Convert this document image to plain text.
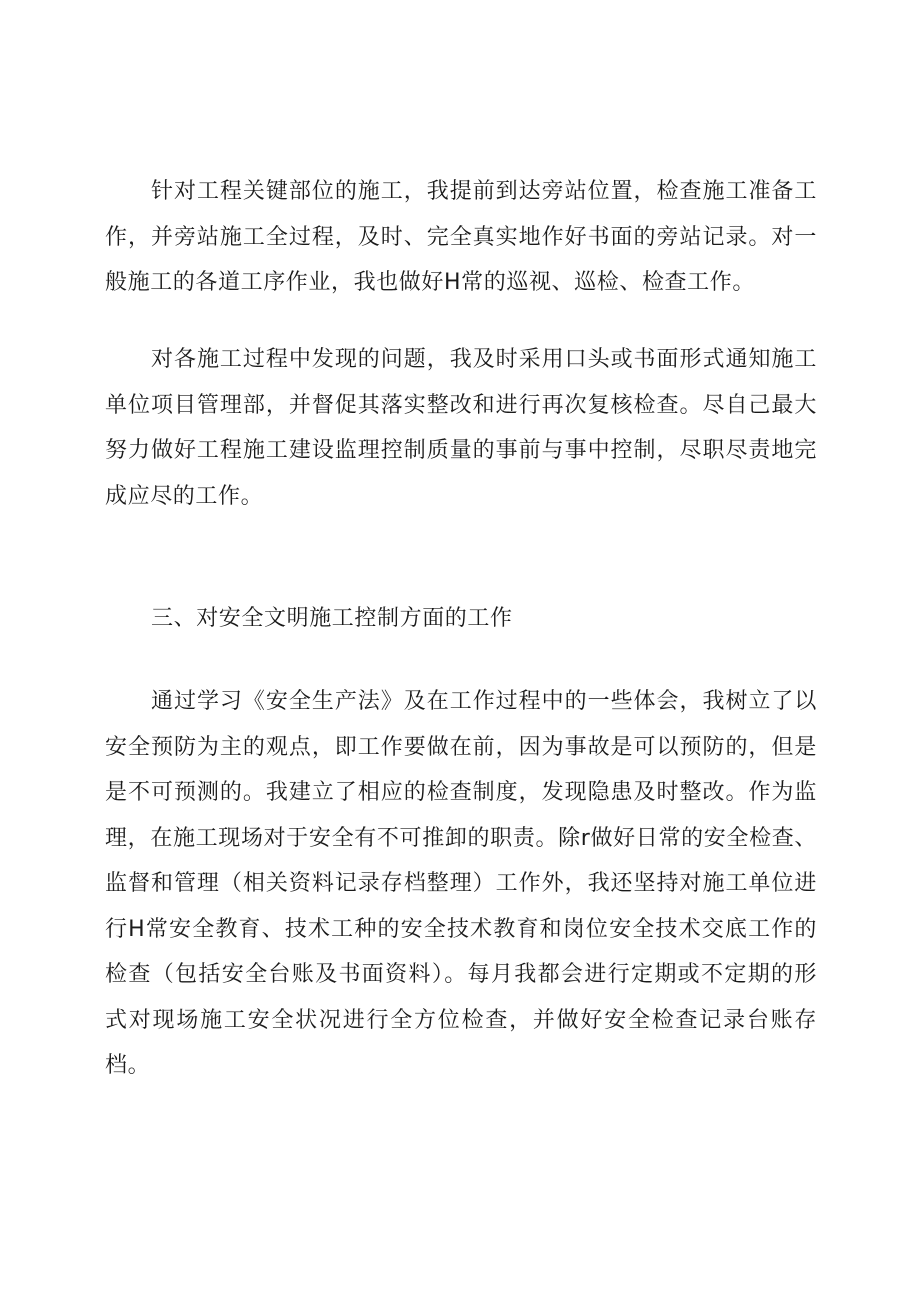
针对工程关键部位的施工，我提前到达旁站位置，检查施工准备工作，并旁站施工全过程，及时、完全真实地作好书面的旁站记录。对一般施工的各道工序作业，我也做好H常的巡视、巡检、检查工作。

对各施工过程中发现的问题，我及时采用口头或书面形式通知施工单位项目管理部，并督促其落实整改和进行再次复核检查。尽自己最大努力做好工程施工建设监理控制质量的事前与事中控制，尽职尽责地完成应尽的工作。

三、对安全文明施工控制方面的工作

通过学习《安全生产法》及在工作过程中的一些体会，我树立了以安全预防为主的观点，即工作要做在前，因为事故是可以预防的，但是是不可预测的。我建立了相应的检查制度，发现隐患及时整改。作为监理，在施工现场对于安全有不可推卸的职责。除r做好日常的安全检查、监督和管理（相关资料记录存档整理）工作外，我还坚持对施工单位进行H常安全教育、技术工种的安全技术教育和岗位安全技术交底工作的检查（包括安全台账及书面资料）。每月我都会进行定期或不定期的形式对现场施工安全状况进行全方位检查，并做好安全检查记录台账存档。
